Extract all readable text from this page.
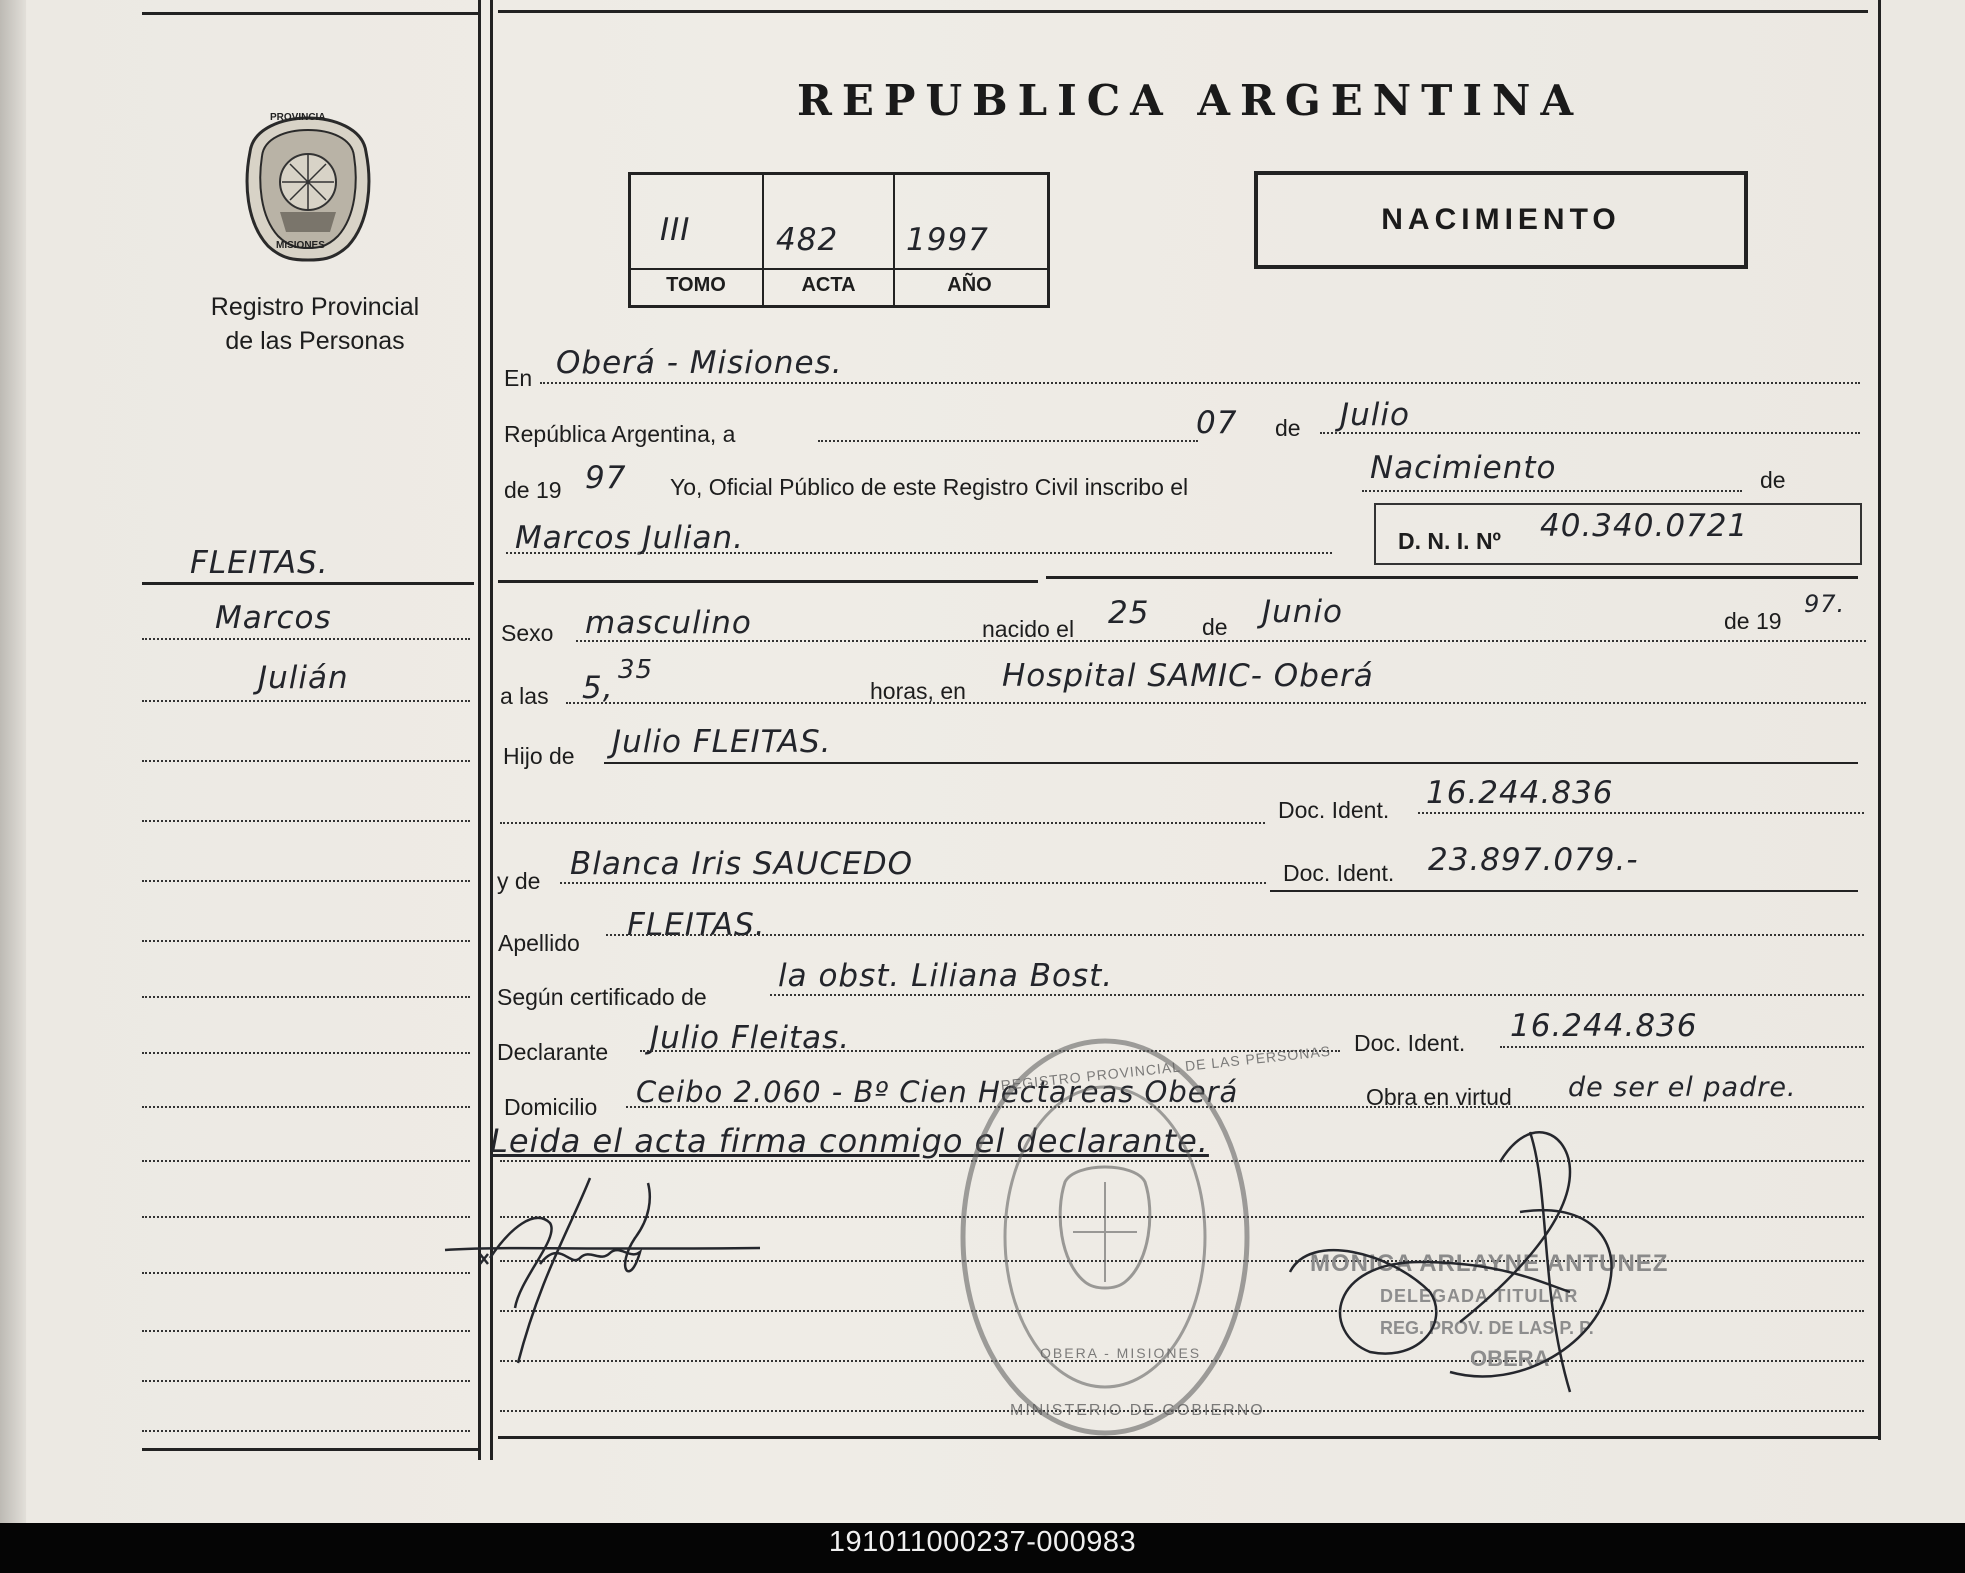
PROVINCIA
MISIONES
Registro Provincial
de las Personas
REPUBLICA ARGENTINA
III	482 1997
TOMO	ACTA	AÑO
NACIMIENTO
FLEITAS.
Marcos
Julián
En Oberá - Misiones.
República Argentina, a	07 de Julio
de 19 97 Yo, Oficial Público de este Registro Civil inscribo el
Nacimiento	de
Marcos Julian.	D. N. I. Nº 40.340.0721
Sexo masculino	nacido el 25 de Junio	de 19
97.
a las 5, 35
horas, en Hospital SAMIC- Oberá
Hijo de Julio FLEITAS.
Doc. Ident. 16.244.836
y de Blanca Iris SAUCEDO	Doc. Ident. 23.897.079.-
Apellido FLEITAS.
Según certificado de
la obst. Liliana Bost.
Declarante Julio Fleitas.	Doc. Ident. 16.244.836
Domicilio Ceibo 2.060 - Bº Cien Hectareas Oberá	Obra en virtud de ser el padre.
Leida el acta firma conmigo el declarante.
REGISTRO PROVINCIAL DE LAS PERSONAS
OBERA - MISIONES
MINISTERIO DE GOBIERNO
MONICA ARLAYNE ANTUNEZ
DELEGADA TITULAR
REG. PROV. DE LAS P. P.
OBERA
191011000237-000983
